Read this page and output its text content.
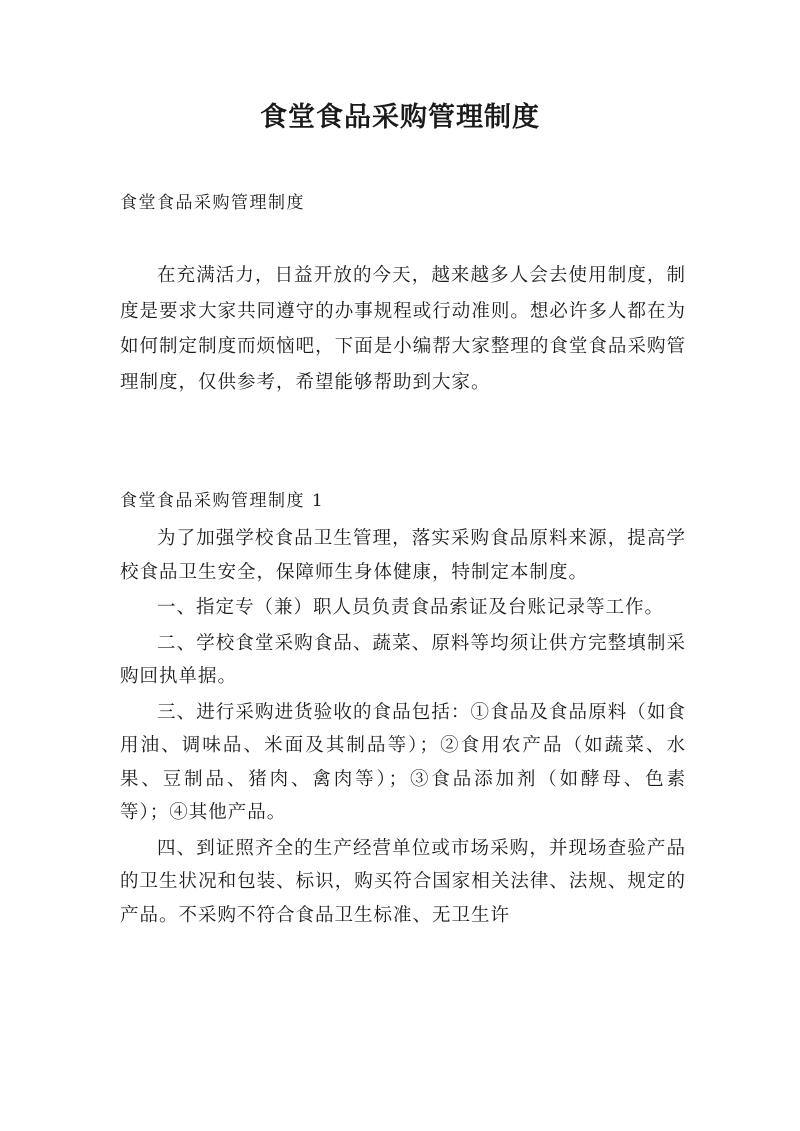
食堂食品采购管理制度

食堂食品采购管理制度

在充满活力，日益开放的今天，越来越多人会去使用制度，制度是要求大家共同遵守的办事规程或行动准则。想必许多人都在为如何制定制度而烦恼吧，下面是小编帮大家整理的食堂食品采购管理制度，仅供参考，希望能够帮助到大家。

食堂食品采购管理制度 1

为了加强学校食品卫生管理，落实采购食品原料来源，提高学校食品卫生安全，保障师生身体健康，特制定本制度。

一、指定专（兼）职人员负责食品索证及台账记录等工作。

二、学校食堂采购食品、蔬菜、原料等均须让供方完整填制采购回执单据。

三、进行采购进货验收的食品包括：①食品及食品原料（如食用油、调味品、米面及其制品等）；②食用农产品（如蔬菜、水果、豆制品、猪肉、禽肉等）；③食品添加剂（如酵母、色素等）；④其他产品。

四、到证照齐全的生产经营单位或市场采购，并现场查验产品的卫生状况和包装、标识，购买符合国家相关法律、法规、规定的产品。不采购不符合食品卫生标准、无卫生许
